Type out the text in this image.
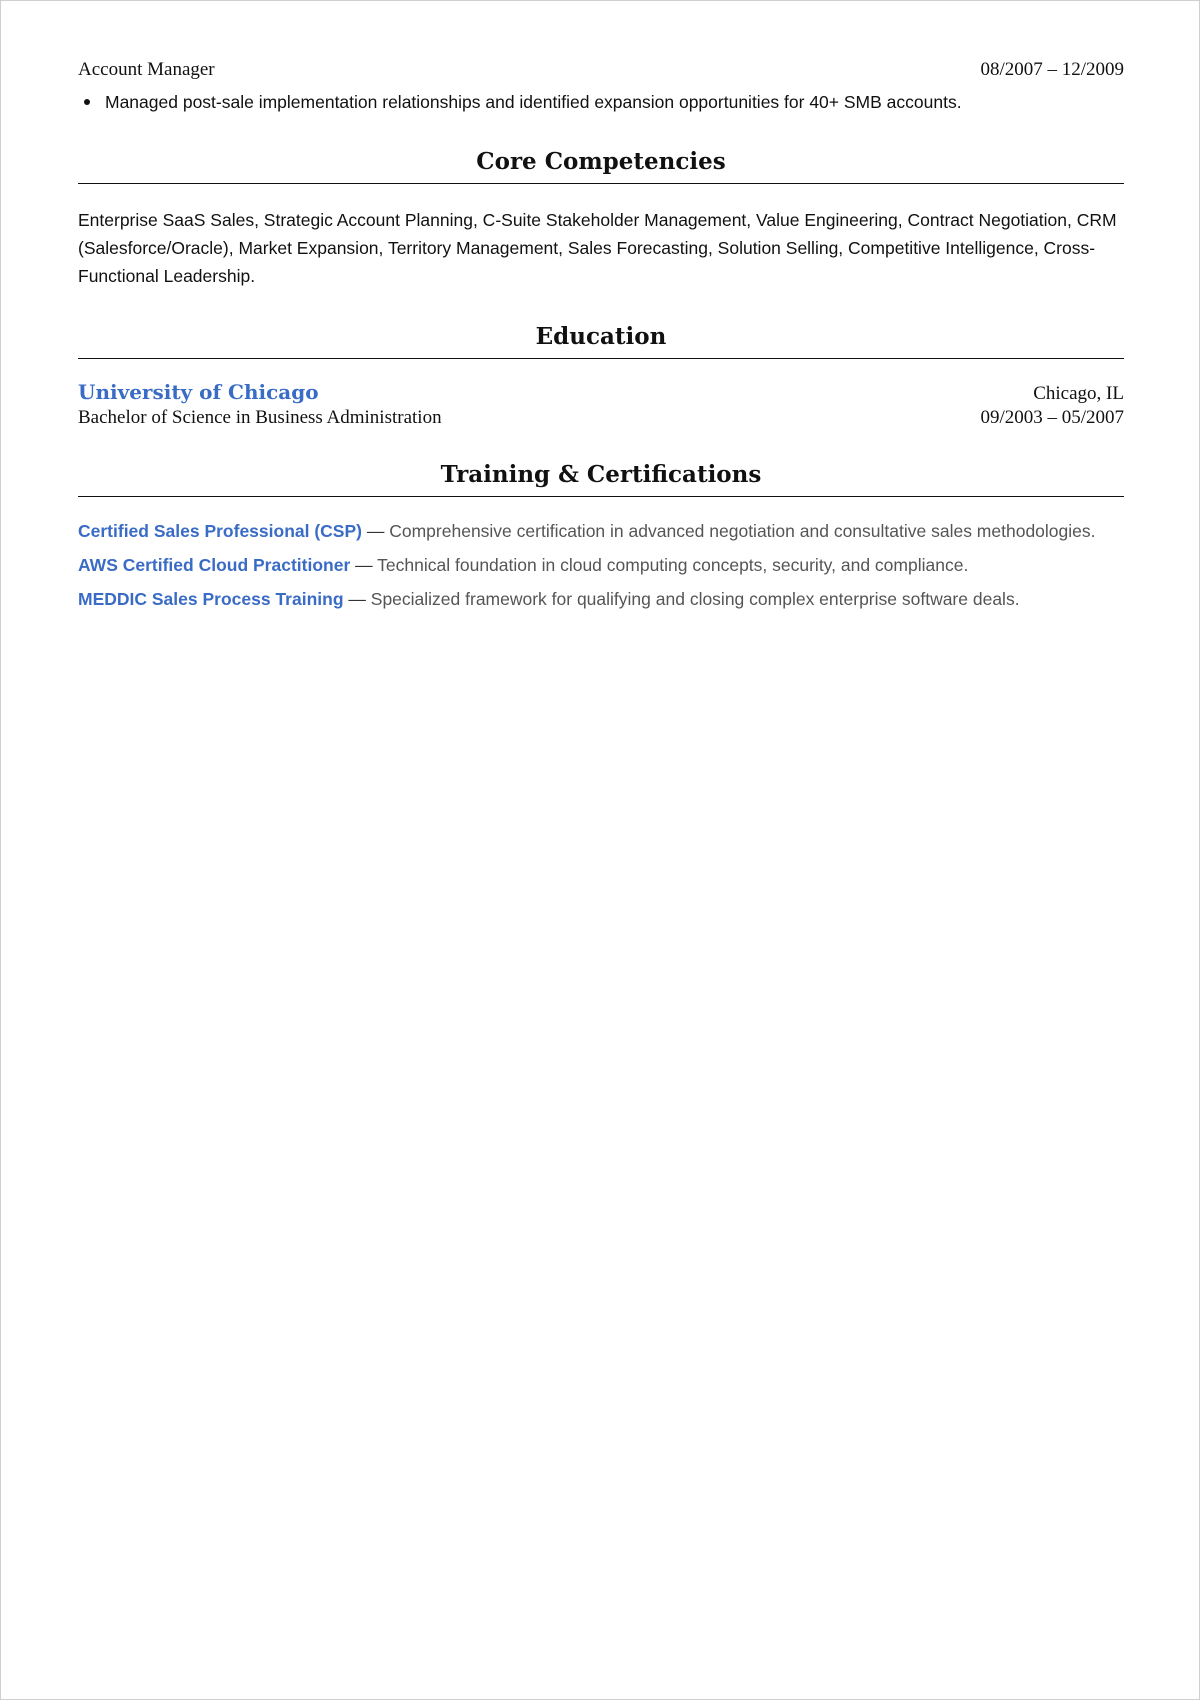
Account Manager	08/2007 – 12/2009
Managed post-sale implementation relationships and identified expansion opportunities for 40+ SMB accounts.
Core Competencies
Enterprise SaaS Sales, Strategic Account Planning, C-Suite Stakeholder Management, Value Engineering, Contract Negotiation, CRM (Salesforce/Oracle), Market Expansion, Territory Management, Sales Forecasting, Solution Selling, Competitive Intelligence, Cross-Functional Leadership.
Education
University of Chicago	Chicago, IL
Bachelor of Science in Business Administration	09/2003 – 05/2007
Training & Certifications
Certified Sales Professional (CSP) — Comprehensive certification in advanced negotiation and consultative sales methodologies.
AWS Certified Cloud Practitioner — Technical foundation in cloud computing concepts, security, and compliance.
MEDDIC Sales Process Training — Specialized framework for qualifying and closing complex enterprise software deals.
